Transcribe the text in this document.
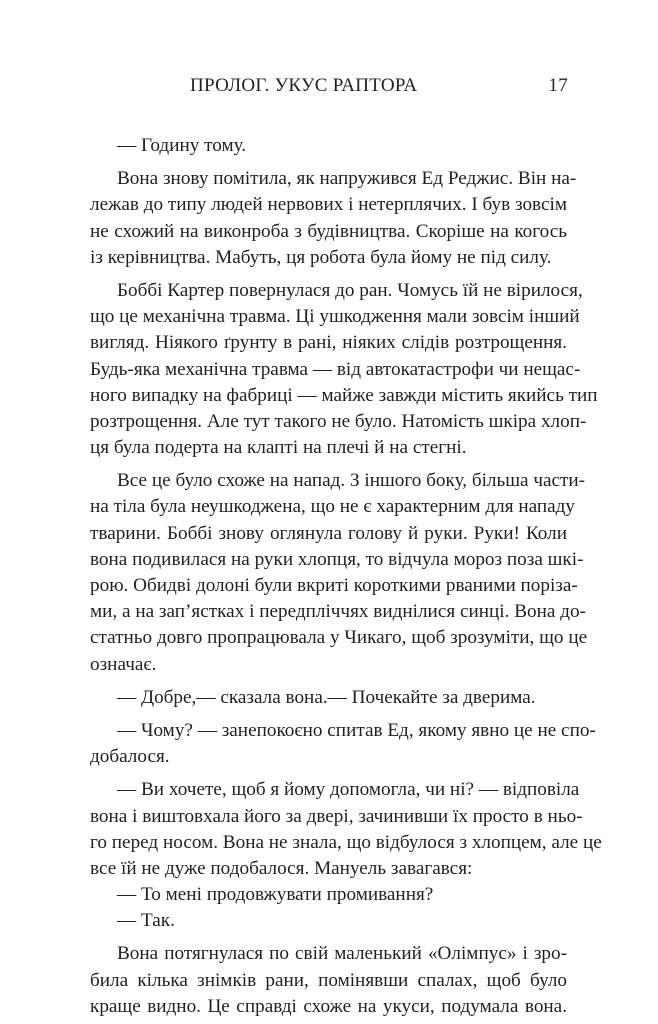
ПРОЛОГ. УКУС РАПТОРА	17

— Годину тому.

Вона знову помітила, як напружився Ед Реджис. Він на-

лежав до типу людей нервових і нетерплячих. І був зовсім

не схожий на виконроба з будівництва. Скоріше на когось

із керівництва. Мабуть, ця робота була йому не під силу.

Боббі Картер повернулася до ран. Чомусь їй не вірилося,

що це механічна травма. Ці ушкодження мали зовсім інший

вигляд. Ніякого ґрунту в рані, ніяких слідів розтрощення.

Будь-яка механічна травма — від автокатастрофи чи нещас-

ного випадку на фабриці — майже завжди містить якийсь тип

розтрощення. Але тут такого не було. Натомість шкіра хлоп-

ця була подерта на клапті на плечі й на стегні.

Все це було схоже на напад. З іншого боку, більша части-

на тіла була неушкоджена, що не є характерним для нападу

тварини. Боббі знову оглянула голову й руки. Руки! Коли

вона подивилася на руки хлопця, то відчула мороз поза шкі-

рою. Обидві долоні були вкриті короткими рваними порізa-

ми, а на зап’ястках і передпліччях виднілися синці. Вона до-

статньо довго пропрацювала у Чикаго, щоб зрозуміти, що це

означає.

— Добре,— сказала вона.— Почекайте за дверима.

— Чому? — занепокоєно спитав Ед, якому явно це не спо-

добалося.

— Ви хочете, щоб я йому допомогла, чи ні? — відповіла

вона і виштовхала його за двері, зачинивши їх просто в ньо-

го перед носом. Вона не знала, що відбулося з хлопцем, але це

все їй не дуже подобалося. Мануель завагався:

— То мені продовжувати промивання?

— Так.

Вона потягнулася по свій маленький «Олімпус» і зро-

била кілька знімків рани, помінявши спалах, щоб було

краще видно. Це справді схоже на укуси, подумала вона.
